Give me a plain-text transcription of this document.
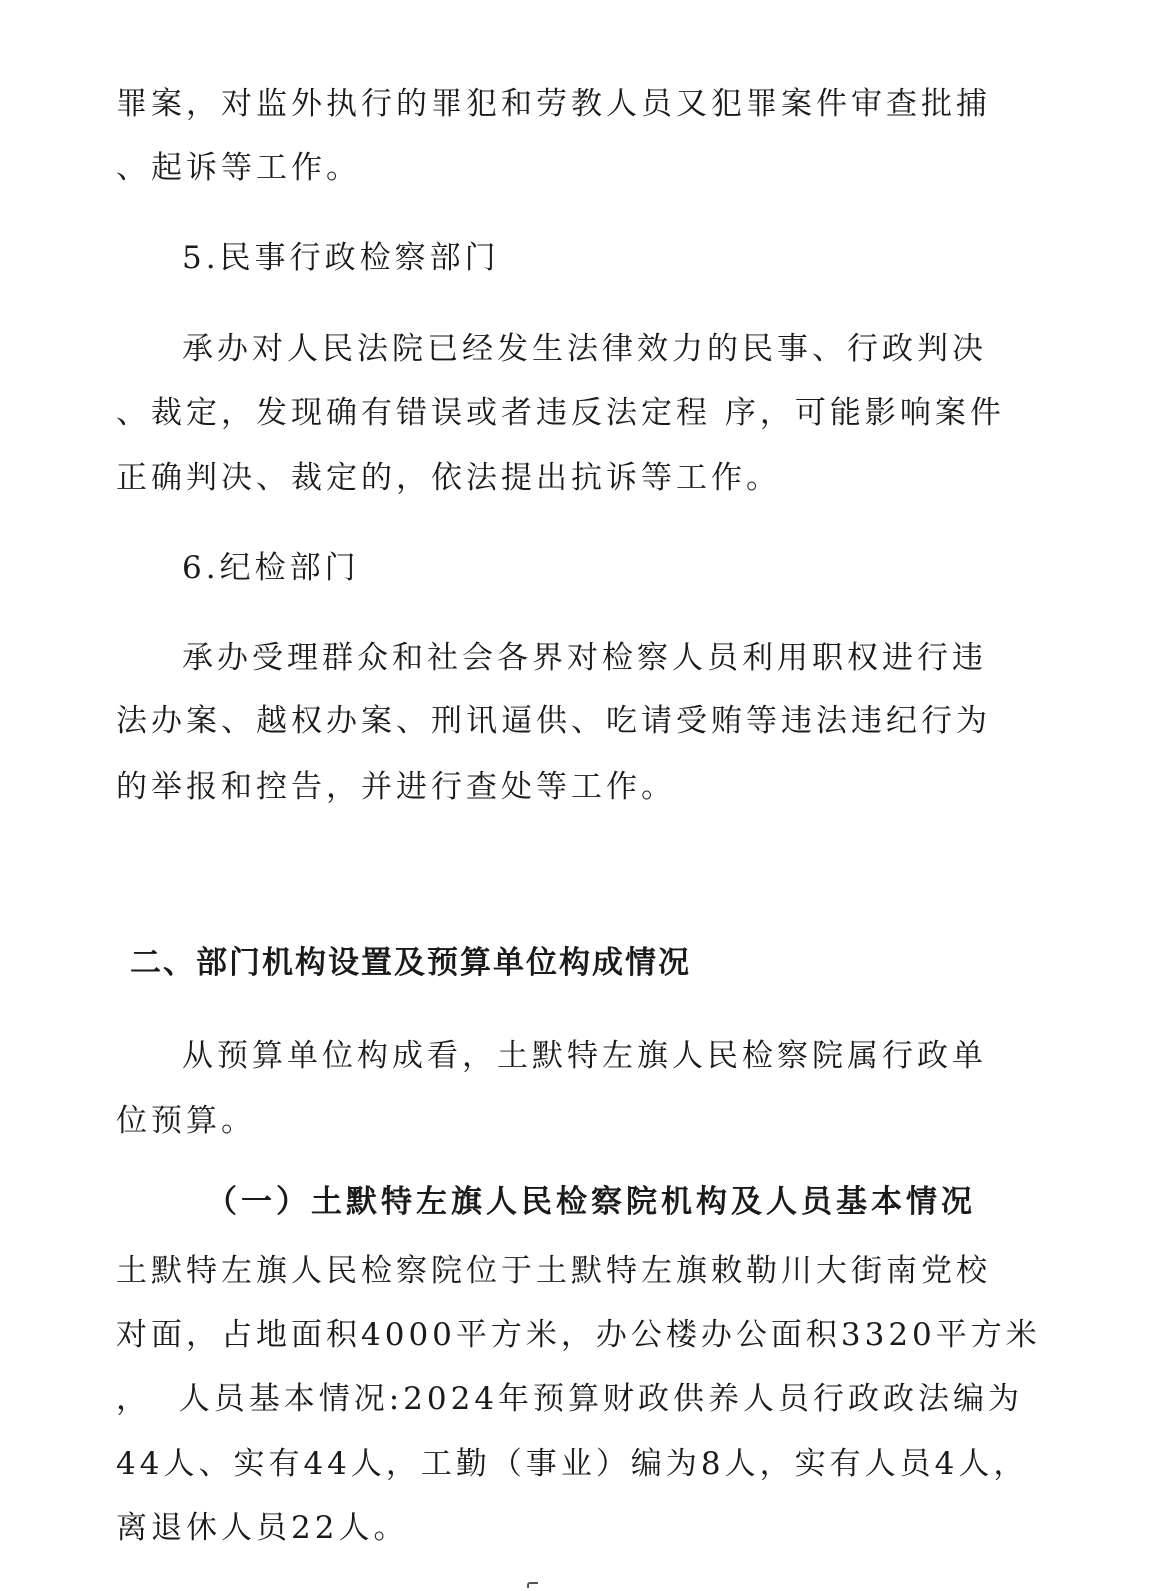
罪案，对监外执行的罪犯和劳教人员又犯罪案件审查批捕
、起诉等工作。
5.民事行政检察部门
承办对人民法院已经发生法律效力的民事、行政判决
、裁定，发现确有错误或者违反法定程 序，可能影响案件
正确判决、裁定的，依法提出抗诉等工作。
6.纪检部门
承办受理群众和社会各界对检察人员利用职权进行违
法办案、越权办案、刑讯逼供、吃请受贿等违法违纪行为
的举报和控告，并进行查处等工作。
二、部门机构设置及预算单位构成情况
从预算单位构成看，土默特左旗人民检察院属行政单
位预算。
（一）土默特左旗人民检察院机构及人员基本情况
土默特左旗人民检察院位于土默特左旗敕勒川大街南党校
对面，占地面积4000平方米，办公楼办公面积3320平方米
，  人员基本情况:2024年预算财政供养人员行政政法编为
44人、实有44人，工勤（事业）编为8人，实有人员4人，
离退休人员22人。
